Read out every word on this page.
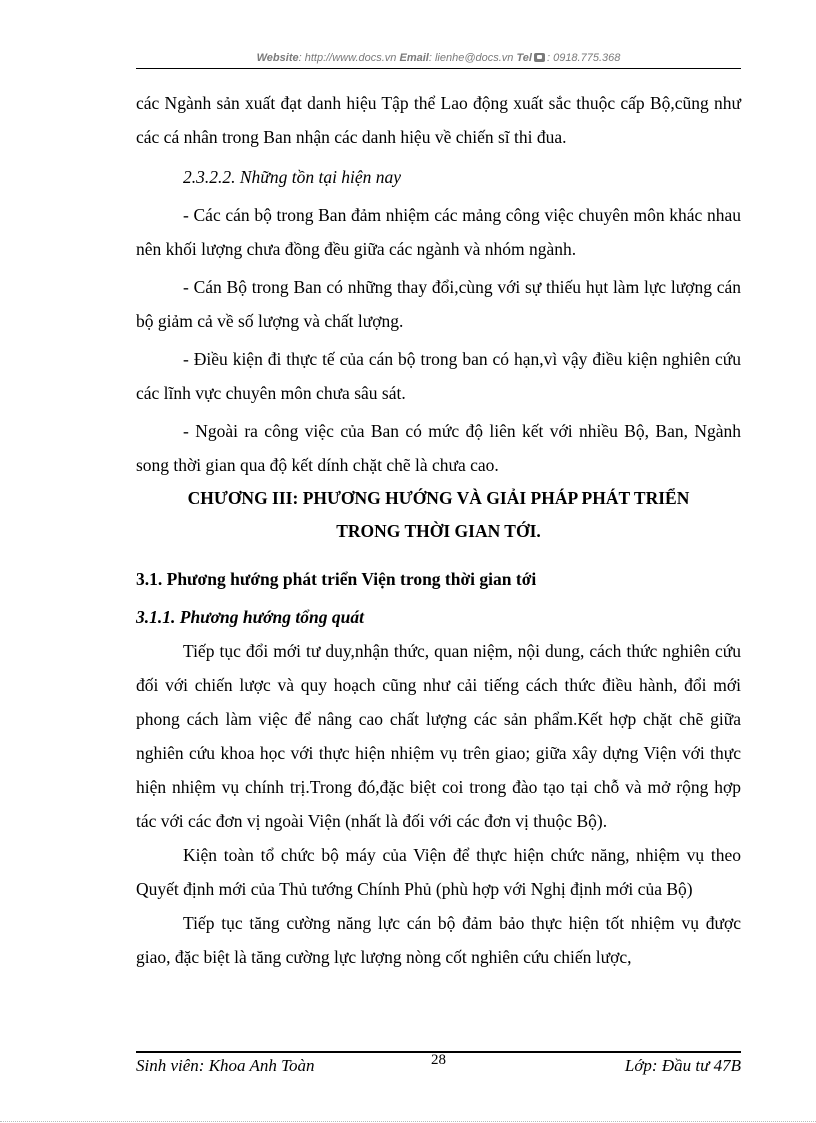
Website: http://www.docs.vn Email: lienhe@docs.vn Tel : 0918.775.368

các Ngành sản xuất đạt danh hiệu Tập thể Lao động xuất sắc thuộc cấp Bộ,cũng như các cá nhân trong Ban nhận các danh hiệu về chiến sĩ thi đua.

2.3.2.2. Những tồn tại hiện nay

- Các cán bộ trong Ban đảm nhiệm các mảng công việc chuyên môn khác nhau nên khối lượng chưa đồng đều giữa các ngành và nhóm ngành.

- Cán Bộ trong Ban có những thay đổi,cùng với sự thiếu hụt làm lực lượng cán bộ giảm cả về số lượng và chất lượng.

- Điều kiện đi thực tế của cán bộ trong ban có hạn,vì vậy điều kiện nghiên cứu các lĩnh vực chuyên môn chưa sâu sát.

- Ngoài ra công việc của Ban có mức độ liên kết với nhiều Bộ, Ban, Ngành song thời gian qua độ kết dính chặt chẽ là chưa cao.

CHƯƠNG III: PHƯƠNG HƯỚNG VÀ GIẢI PHÁP PHÁT TRIỂN
TRONG THỜI GIAN TỚI.
3.1. Phương hướng phát triển Viện trong thời gian tới
3.1.1. Phương hướng tổng quát

Tiếp tục đổi mới tư duy,nhận thức, quan niệm, nội dung, cách thức nghiên cứu đối với chiến lược và quy hoạch cũng như cải tiếng cách thức điều hành, đổi mới phong cách làm việc để nâng cao chất lượng các sản phẩm.Kết hợp chặt chẽ giữa nghiên cứu khoa học với thực hiện nhiệm vụ trên giao; giữa xây dựng Viện với thực hiện nhiệm vụ chính trị.Trong đó,đặc biệt coi trong đào tạo tại chỗ và mở rộng hợp tác với các đơn vị ngoài Viện (nhất là đối với các đơn vị thuộc Bộ).

Kiện toàn tổ chức bộ máy của Viện để thực hiện chức năng, nhiệm vụ theo Quyết định mới của Thủ tướng Chính Phủ (phù hợp với Nghị định mới của Bộ)

Tiếp tục tăng cường năng lực cán bộ đảm bảo thực hiện tốt nhiệm vụ được giao, đặc biệt là tăng cường lực lượng nòng cốt nghiên cứu chiến lược,

Sinh viên: Khoa Anh Toàn	28	Lớp: Đầu tư 47B
